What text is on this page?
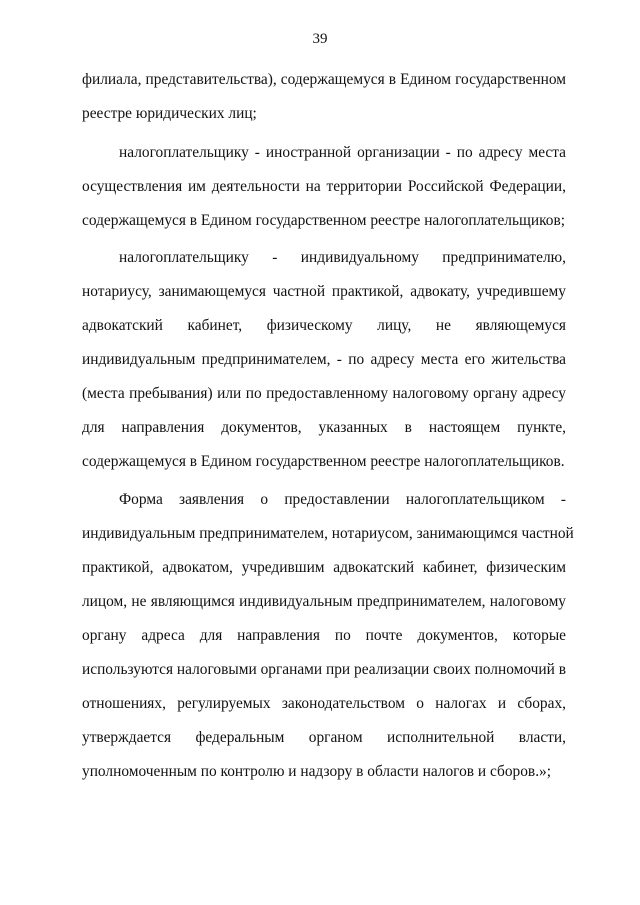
39
филиала, представительства), содержащемуся в Едином государственном
реестре юридических лиц;
налогоплательщику - иностранной организации - по адресу места
осуществления им деятельности на территории Российской Федерации,
содержащемуся в Едином государственном реестре налогоплательщиков;
налогоплательщику - индивидуальному предпринимателю,
нотариусу, занимающемуся частной практикой, адвокату, учредившему
адвокатский кабинет, физическому лицу, не являющемуся
индивидуальным предпринимателем, - по адресу места его жительства
(места пребывания) или по предоставленному налоговому органу адресу
для направления документов, указанных в настоящем пункте,
содержащемуся в Едином государственном реестре налогоплательщиков.
Форма заявления о предоставлении налогоплательщиком -
индивидуальным предпринимателем, нотариусом, занимающимся частной
практикой, адвокатом, учредившим адвокатский кабинет, физическим
лицом, не являющимся индивидуальным предпринимателем, налоговому
органу адреса для направления по почте документов, которые
используются налоговыми органами при реализации своих полномочий в
отношениях, регулируемых законодательством о налогах и сборах,
утверждается федеральным органом исполнительной власти,
уполномоченным по контролю и надзору в области налогов и сборов.»;
